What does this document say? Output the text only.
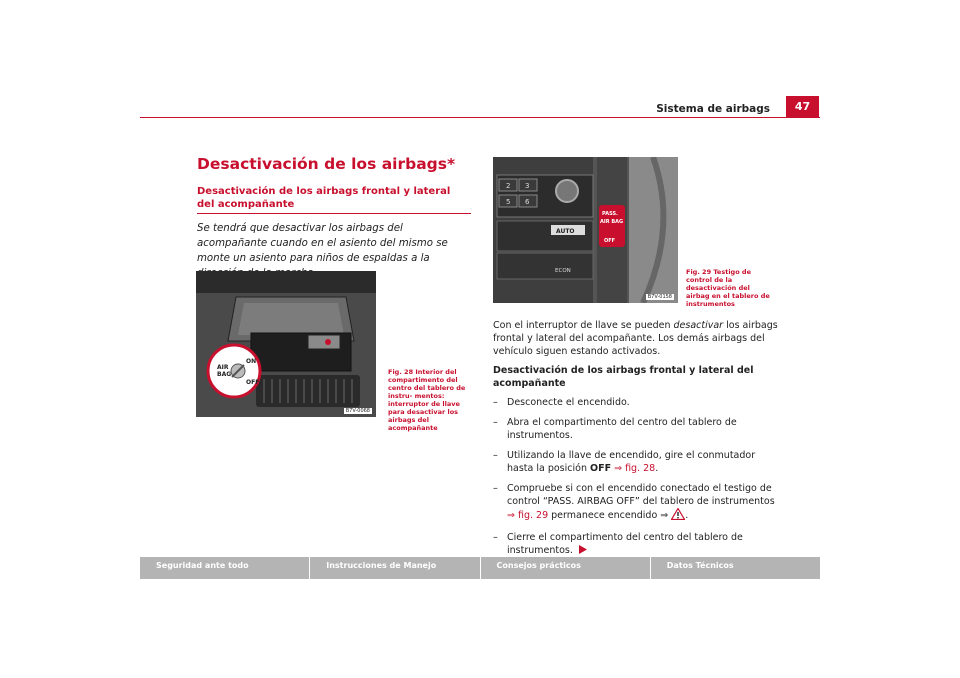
Sistema de airbags	47
Desactivación de los airbags*
Desactivación de los airbags frontal y lateral del acompañante

Se tendrá que desactivar los airbags del acompañante cuando en el asiento del mismo se monte un asiento para niños de espaldas a la

AIR
BAG
ON
OFF
B7V-0068

Fig. 28 Interior del compartimento del centro del tablero de instru- mentos: interruptor de llave para desactivar los airbags del acompañante

2 3
5 6
AUTO
ECON
PASS.
AIR BAG
OFF
B7V-0158

Fig. 29 Testigo de control de la desactivación del airbag en el tablero de instrumentos

Con el interruptor de llave se pueden desactivar los airbags frontal y lateral del acompañante. Los demás airbags del vehículo siguen estando activados.

Desactivación de los airbags frontal y lateral del acompañante

– Desconecte el encendido.
– Abra el compartimento del centro del tablero de instrumentos.
– Utilizando la llave de encendido, gire el conmutador hasta la posición OFF ⇒ fig. 28.
– Compruebe si con el encendido conectado el testigo de control “PASS. AIRBAG OFF” del tablero de instrumentos ⇒ fig. 29 permanece encendido ⇒ .
– Cierre el compartimento del centro del tablero de instrumentos.
Seguridad ante todo	Instrucciones de Manejo	Consejos prácticos	Datos Técnicos
